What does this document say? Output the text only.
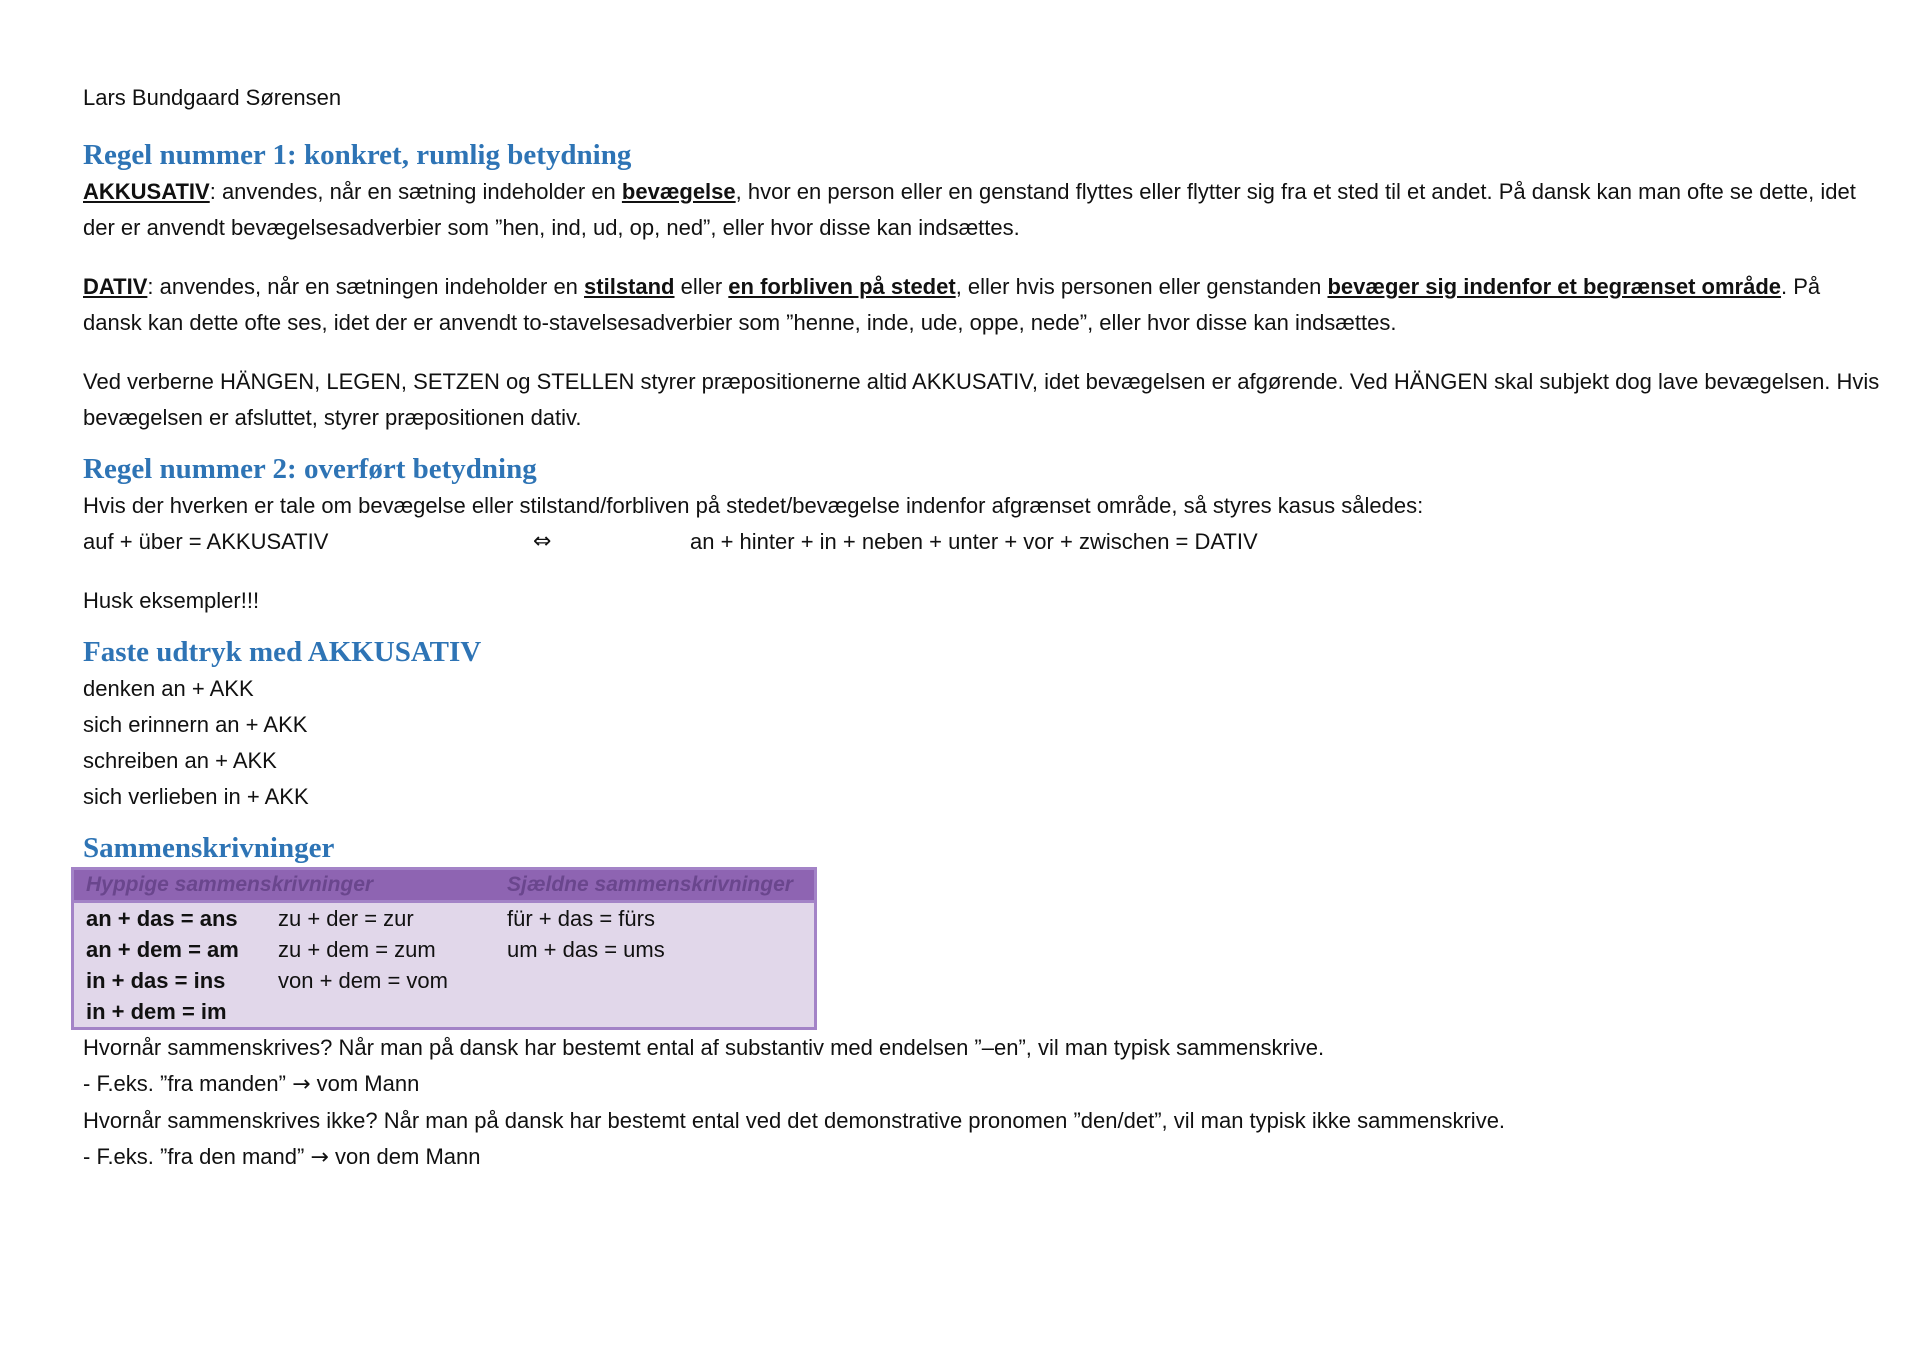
Lars Bundgaard Sørensen
Regel nummer 1: konkret, rumlig betydning

AKKUSATIV: anvendes, når en sætning indeholder en bevægelse, hvor en person eller en genstand flyttes eller flytter sig fra et sted til et andet. På dansk kan man ofte se dette, idet der er anvendt bevægelsesadverbier som ”hen, ind, ud, op, ned”, eller hvor disse kan indsættes.

DATIV: anvendes, når en sætningen indeholder en stilstand eller en forbliven på stedet, eller hvis personen eller genstanden bevæger sig indenfor et begrænset område. På dansk kan dette ofte ses, idet der er anvendt to-stavelsesadverbier som ”henne, inde, ude, oppe, nede”, eller hvor disse kan indsættes.

Ved verberne HÄNGEN, LEGEN, SETZEN og STELLEN styrer præpositionerne altid AKKUSATIV, idet bevægelsen er afgørende. Ved HÄNGEN skal subjekt dog lave bevægelsen. Hvis bevægelsen er afsluttet, styrer præpositionen dativ.

Regel nummer 2: overført betydning

Hvis der hverken er tale om bevægelse eller stilstand/forbliven på stedet/bevægelse indenfor afgrænset område, så styres kasus således:

auf + über = AKKUSATIV	⇔	an + hinter + in + neben + unter + vor + zwischen = DATIV

Husk eksempler!!!

Faste udtryk med AKKUSATIV

denken an + AKK

sich erinnern an + AKK

schreiben an + AKK

sich verlieben in + AKK

Sammenskrivninger
Hyppige sammenskrivninger		Sjældne sammenskrivninger
an + das = ans	zu + der = zur	für + das = fürs
an + dem = am	zu + dem = zum	um + das = ums
in + das = ins	von + dem = vom	
in + dem = im		

Hvornår sammenskrives? Når man på dansk har bestemt ental af substantiv med endelsen ”–en”, vil man typisk sammenskrive.

- F.eks. ”fra manden” → vom Mann

Hvornår sammenskrives ikke? Når man på dansk har bestemt ental ved det demonstrative pronomen ”den/det”, vil man typisk ikke sammenskrive.

- F.eks. ”fra den mand” → von dem Mann
